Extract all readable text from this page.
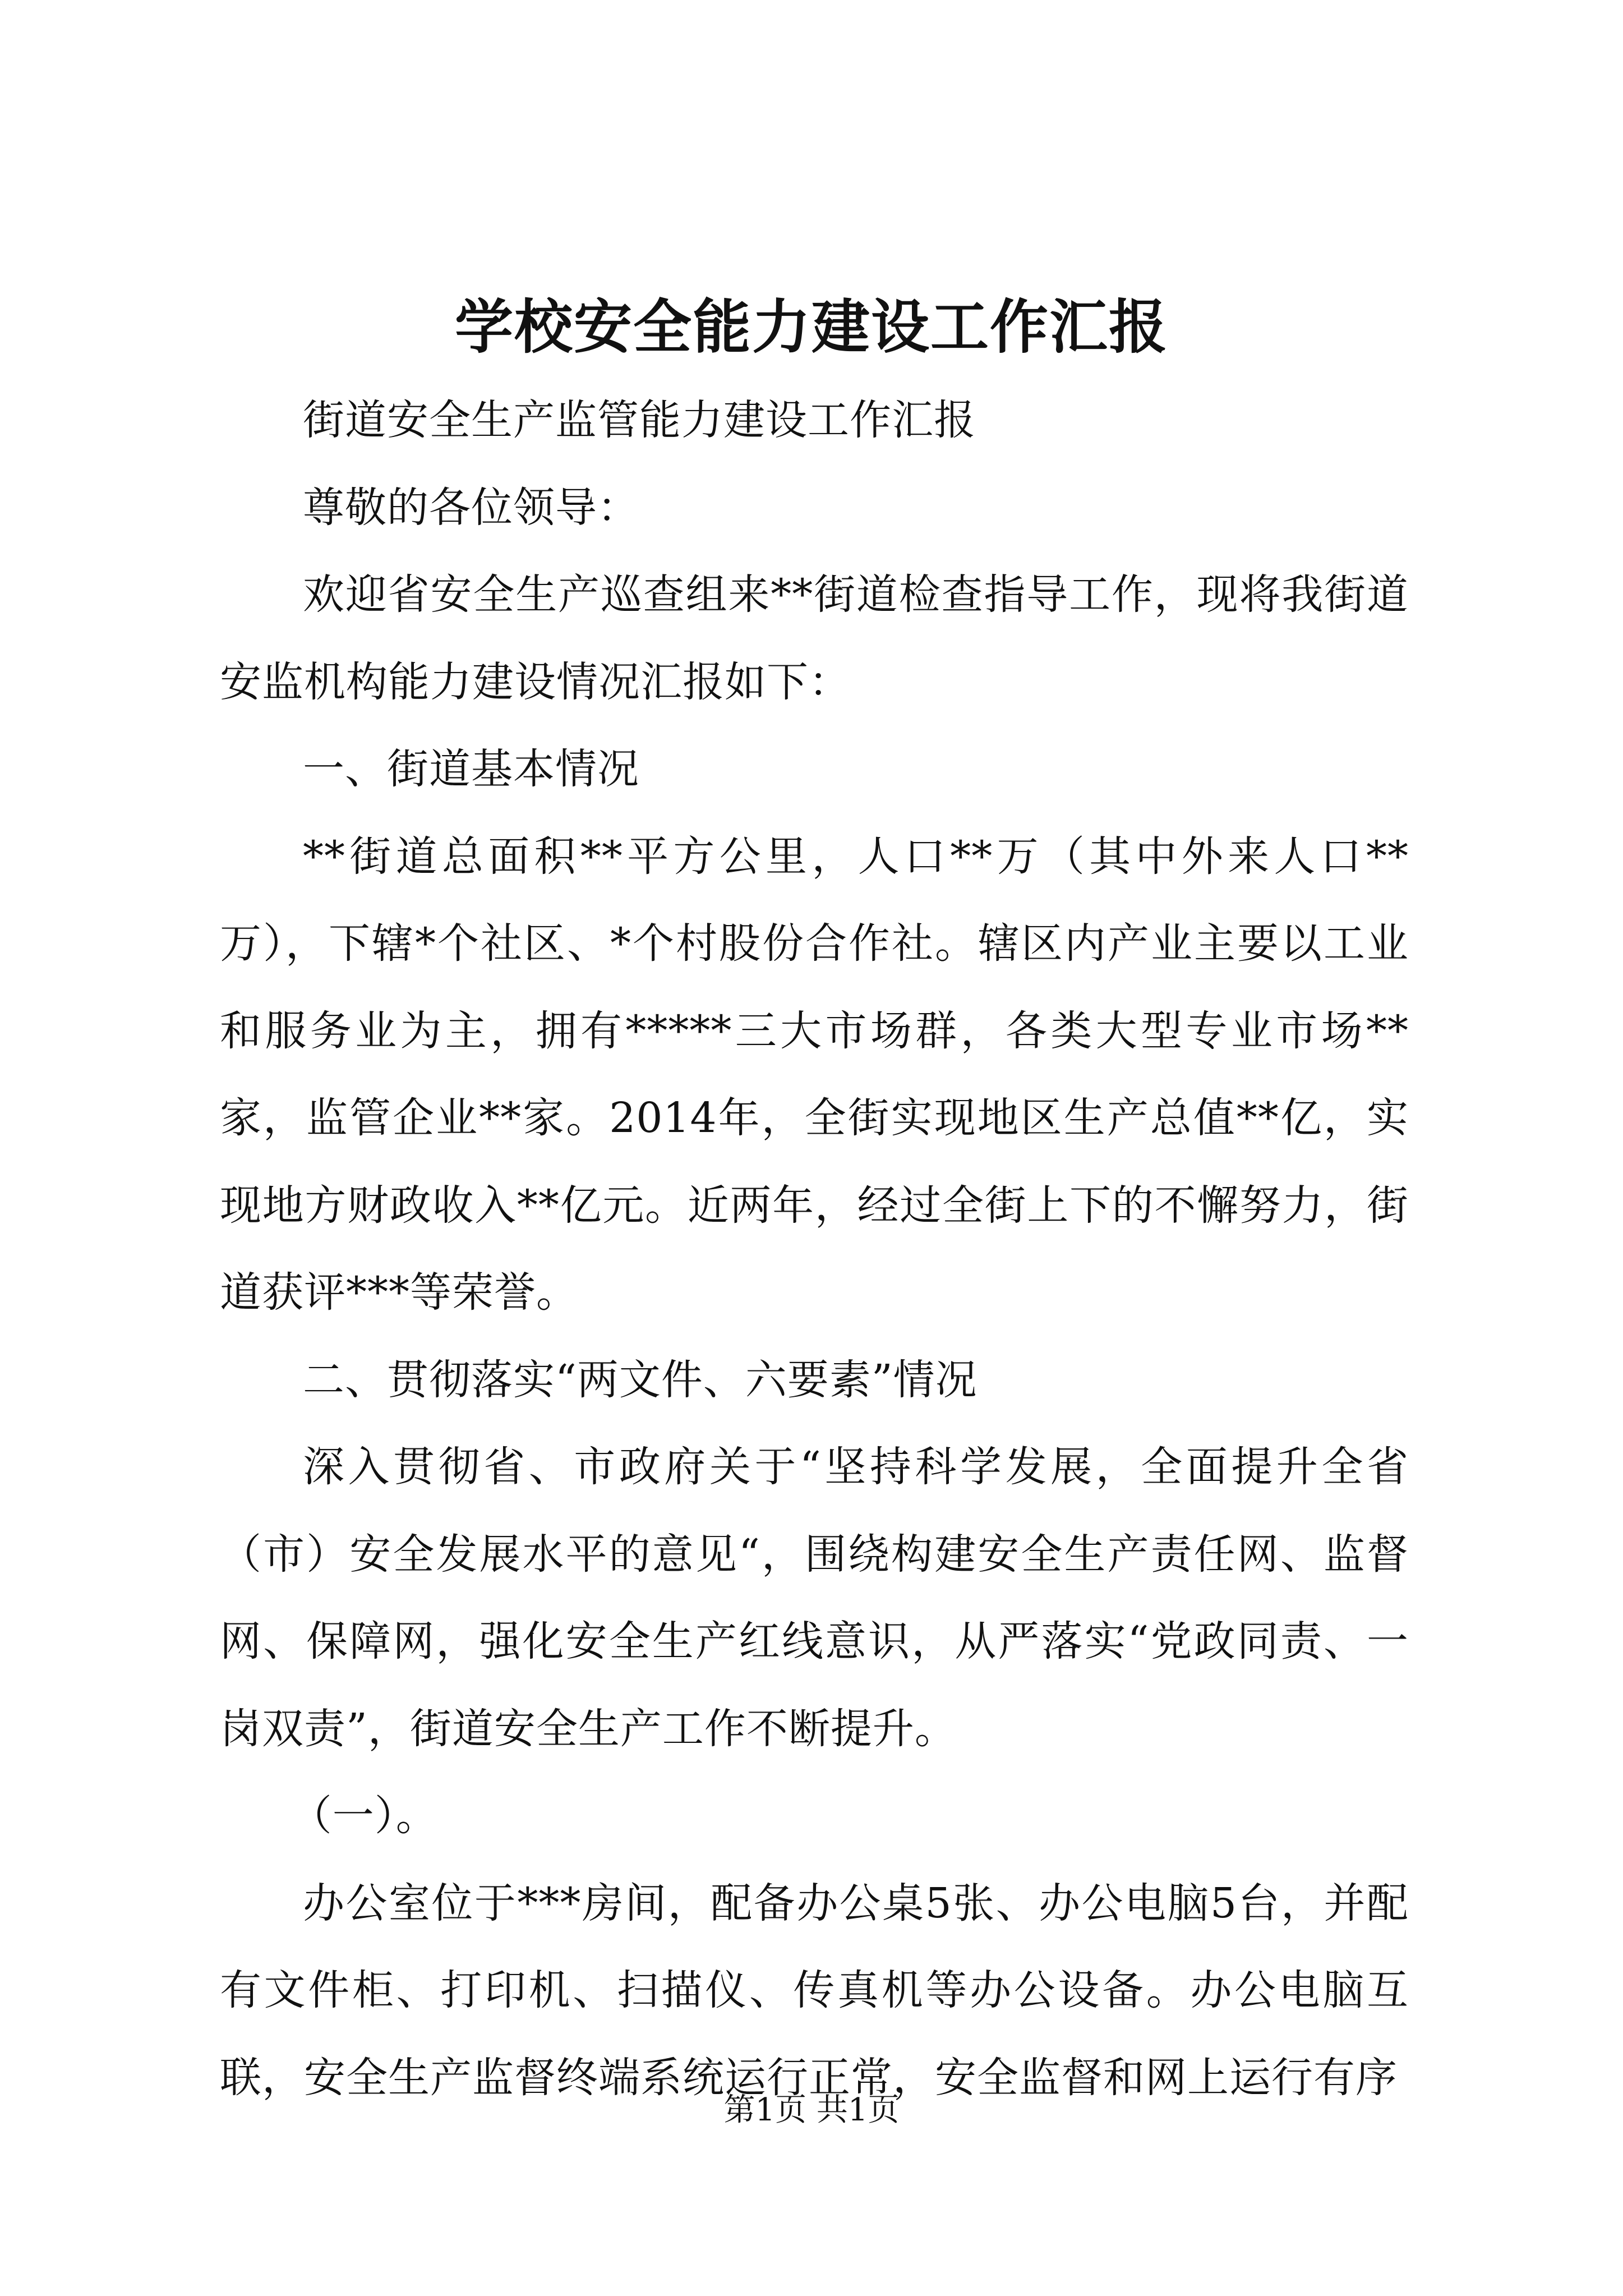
学校安全能力建设工作汇报

街道安全生产监管能力建设工作汇报

尊敬的各位领导：

欢迎省安全生产巡查组来**街道检查指导工作，现将我街道安监机构能力建设情况汇报如下：

一、街道基本情况

**街道总面积**平方公里，人口**万（其中外来人口**万），下辖*个社区、*个村股份合作社。辖区内产业主要以工业和服务业为主，拥有*****三大市场群，各类大型专业市场**家，监管企业**家。2014年，全街实现地区生产总值**亿，实现地方财政收入**亿元。近两年，经过全街上下的不懈努力，街道获评***等荣誉。

二、贯彻落实“两文件、六要素”情况

深入贯彻省、市政府关于“坚持科学发展，全面提升全省（市）安全发展水平的意见“，围绕构建安全生产责任网、监督网、保障网，强化安全生产红线意识，从严落实“党政同责、一岗双责”，街道安全生产工作不断提升。

（一）。

办公室位于***房间，配备办公桌5张、办公电脑5台，并配有文件柜、打印机、扫描仪、传真机等办公设备。办公电脑互联，安全生产监督终端系统运行正常，安全监督和网上运行有序

第1页 共1页
